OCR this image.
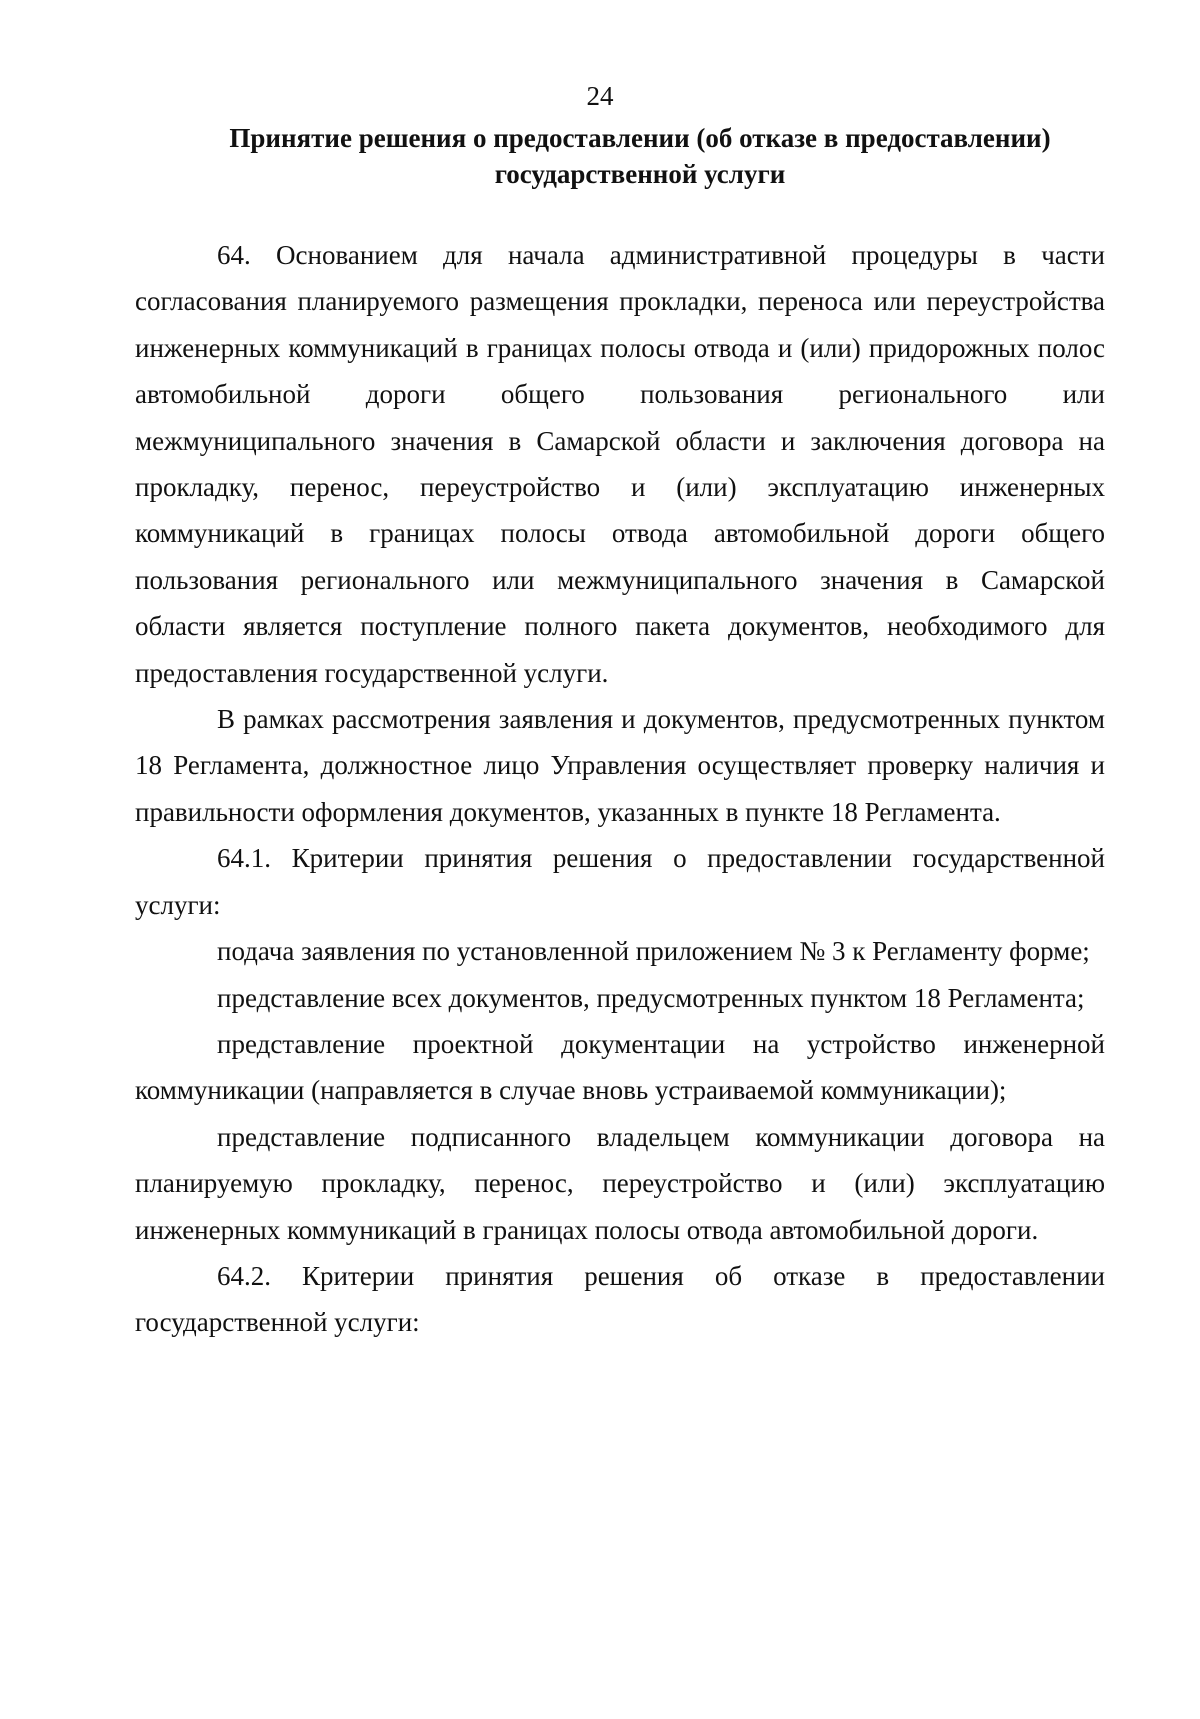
24
Принятие решения о предоставлении (об отказе в предоставлении) государственной услуги

64. Основанием для начала административной процедуры в части согласования планируемого размещения прокладки, переноса или переустройства инженерных коммуникаций в границах полосы отвода и (или) придорожных полос автомобильной дороги общего пользования регионального или межмуниципального значения в Самарской области и заключения договора на прокладку, перенос, переустройство и (или) эксплуатацию инженерных коммуникаций в границах полосы отвода автомобильной дороги общего пользования регионального или межмуниципального значения в Самарской области является поступление полного пакета документов, необходимого для предоставления государственной услуги.

В рамках рассмотрения заявления и документов, предусмотренных пунктом 18 Регламента, должностное лицо Управления осуществляет проверку наличия и правильности оформления документов, указанных в пункте 18 Регламента.

64.1. Критерии принятия решения о предоставлении государственной услуги:

подача заявления по установленной приложением № 3 к Регламенту форме;

представление всех документов, предусмотренных пунктом 18 Регламента;

представление проектной документации на устройство инженерной коммуникации (направляется в случае вновь устраиваемой коммуникации);

представление подписанного владельцем коммуникации договора на планируемую прокладку, перенос, переустройство и (или) эксплуатацию инженерных коммуникаций в границах полосы отвода автомобильной дороги.

64.2. Критерии принятия решения об отказе в предоставлении государственной услуги:
